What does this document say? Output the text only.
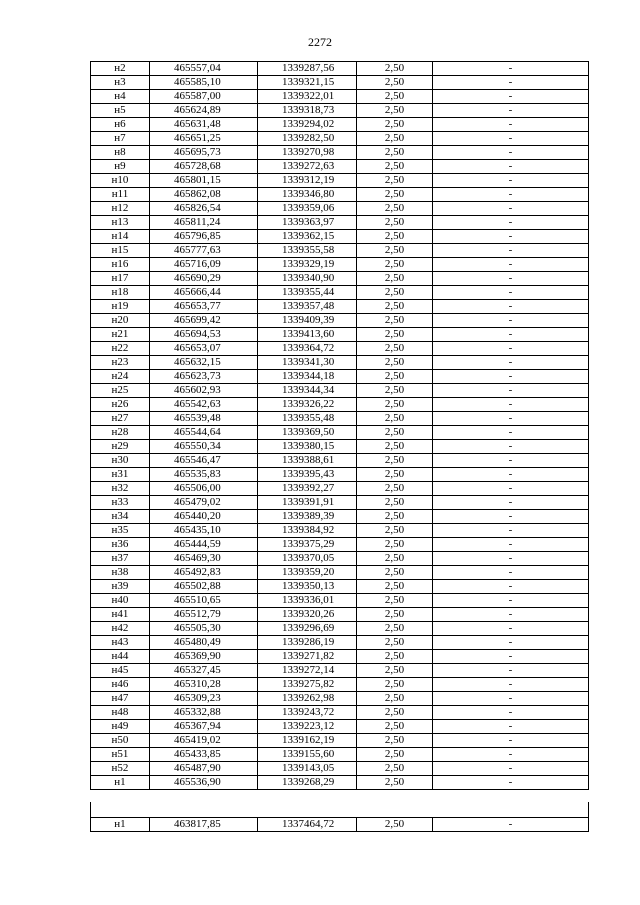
2272
н2	465557,04	1339287,56	2,50	-
н3	465585,10	1339321,15	2,50	-
н4	465587,00	1339322,01	2,50	-
н5	465624,89	1339318,73	2,50	-
н6	465631,48	1339294,02	2,50	-
н7	465651,25	1339282,50	2,50	-
н8	465695,73	1339270,98	2,50	-
н9	465728,68	1339272,63	2,50	-
н10	465801,15	1339312,19	2,50	-
н11	465862,08	1339346,80	2,50	-
н12	465826,54	1339359,06	2,50	-
н13	465811,24	1339363,97	2,50	-
н14	465796,85	1339362,15	2,50	-
н15	465777,63	1339355,58	2,50	-
н16	465716,09	1339329,19	2,50	-
н17	465690,29	1339340,90	2,50	-
н18	465666,44	1339355,44	2,50	-
н19	465653,77	1339357,48	2,50	-
н20	465699,42	1339409,39	2,50	-
н21	465694,53	1339413,60	2,50	-
н22	465653,07	1339364,72	2,50	-
н23	465632,15	1339341,30	2,50	-
н24	465623,73	1339344,18	2,50	-
н25	465602,93	1339344,34	2,50	-
н26	465542,63	1339326,22	2,50	-
н27	465539,48	1339355,48	2,50	-
н28	465544,64	1339369,50	2,50	-
н29	465550,34	1339380,15	2,50	-
н30	465546,47	1339388,61	2,50	-
н31	465535,83	1339395,43	2,50	-
н32	465506,00	1339392,27	2,50	-
н33	465479,02	1339391,91	2,50	-
н34	465440,20	1339389,39	2,50	-
н35	465435,10	1339384,92	2,50	-
н36	465444,59	1339375,29	2,50	-
н37	465469,30	1339370,05	2,50	-
н38	465492,83	1339359,20	2,50	-
н39	465502,88	1339350,13	2,50	-
н40	465510,65	1339336,01	2,50	-
н41	465512,79	1339320,26	2,50	-
н42	465505,30	1339296,69	2,50	-
н43	465480,49	1339286,19	2,50	-
н44	465369,90	1339271,82	2,50	-
н45	465327,45	1339272,14	2,50	-
н46	465310,28	1339275,82	2,50	-
н47	465309,23	1339262,98	2,50	-
н48	465332,88	1339243,72	2,50	-
н49	465367,94	1339223,12	2,50	-
н50	465419,02	1339162,19	2,50	-
н51	465433,85	1339155,60	2,50	-
н52	465487,90	1339143,05	2,50	-
н1	465536,90	1339268,29	2,50	-
н1	463817,85	1337464,72	2,50	-
